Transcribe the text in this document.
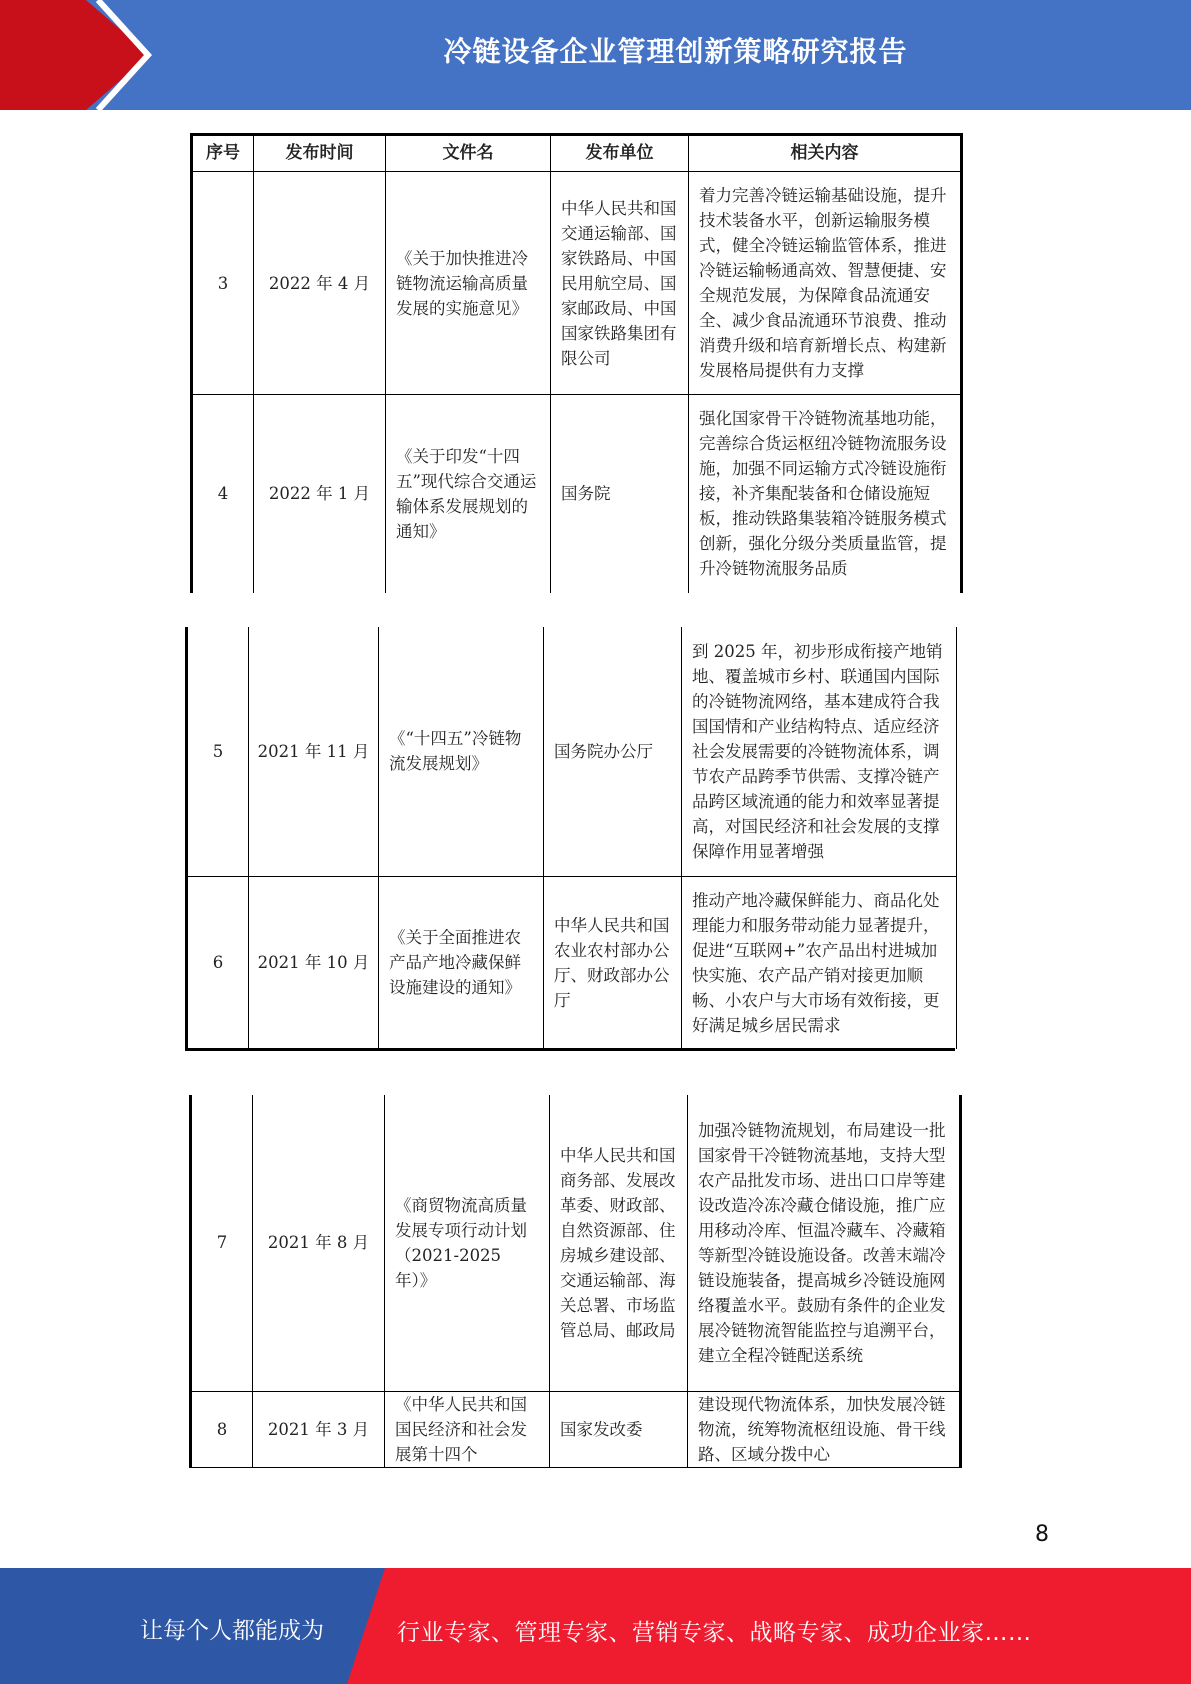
冷链设备企业管理创新策略研究报告
序号	发布时间	文件名	发布单位	相关内容
3	2022 年 4 月	《关于加快推进冷链物流运输高质量发展的实施意见》	中华人民共和国交通运输部、国家铁路局、中国民用航空局、国家邮政局、中国国家铁路集团有限公司	着力完善冷链运输基础设施，提升技术装备水平，创新运输服务模式，健全冷链运输监管体系，推进冷链运输畅通高效、智慧便捷、安全规范发展，为保障食品流通安全、减少食品流通环节浪费、推动消费升级和培育新增长点、构建新发展格局提供有力支撑
4	2022 年 1 月	《关于印发“十四五”现代综合交通运输体系发展规划的通知》	国务院	强化国家骨干冷链物流基地功能，完善综合货运枢纽冷链物流服务设施，加强不同运输方式冷链设施衔接，补齐集配装备和仓储设施短板，推动铁路集装箱冷链服务模式创新，强化分级分类质量监管，提升冷链物流服务品质
5	2021 年 11 月	《“十四五”冷链物流发展规划》	国务院办公厅	到 2025 年，初步形成衔接产地销地、覆盖城市乡村、联通国内国际的冷链物流网络，基本建成符合我国国情和产业结构特点、适应经济社会发展需要的冷链物流体系，调节农产品跨季节供需、支撑冷链产品跨区域流通的能力和效率显著提高，对国民经济和社会发展的支撑保障作用显著增强
6	2021 年 10 月	《关于全面推进农产品产地冷藏保鲜设施建设的通知》	中华人民共和国农业农村部办公厅、财政部办公厅	推动产地冷藏保鲜能力、商品化处理能力和服务带动能力显著提升，促进“互联网+”农产品出村进城加快实施、农产品产销对接更加顺畅、小农户与大市场有效衔接，更好满足城乡居民需求
7	2021 年 8 月	《商贸物流高质量发展专项行动计划（2021-2025 年）》	中华人民共和国商务部、发展改革委、财政部、自然资源部、住房城乡建设部、交通运输部、海关总署、市场监管总局、邮政局	加强冷链物流规划，布局建设一批国家骨干冷链物流基地，支持大型农产品批发市场、进出口口岸等建设改造冷冻冷藏仓储设施，推广应用移动冷库、恒温冷藏车、冷藏箱等新型冷链设施设备。改善末端冷链设施装备，提高城乡冷链设施网络覆盖水平。鼓励有条件的企业发展冷链物流智能监控与追溯平台，建立全程冷链配送系统
8	2021 年 3 月	《中华人民共和国国民经济和社会发展第十四个	国家发改委	建设现代物流体系，加快发展冷链物流，统筹物流枢纽设施、骨干线路、区域分拨中心
8
让每个人都能成为	行业专家、管理专家、营销专家、战略专家、成功企业家……
